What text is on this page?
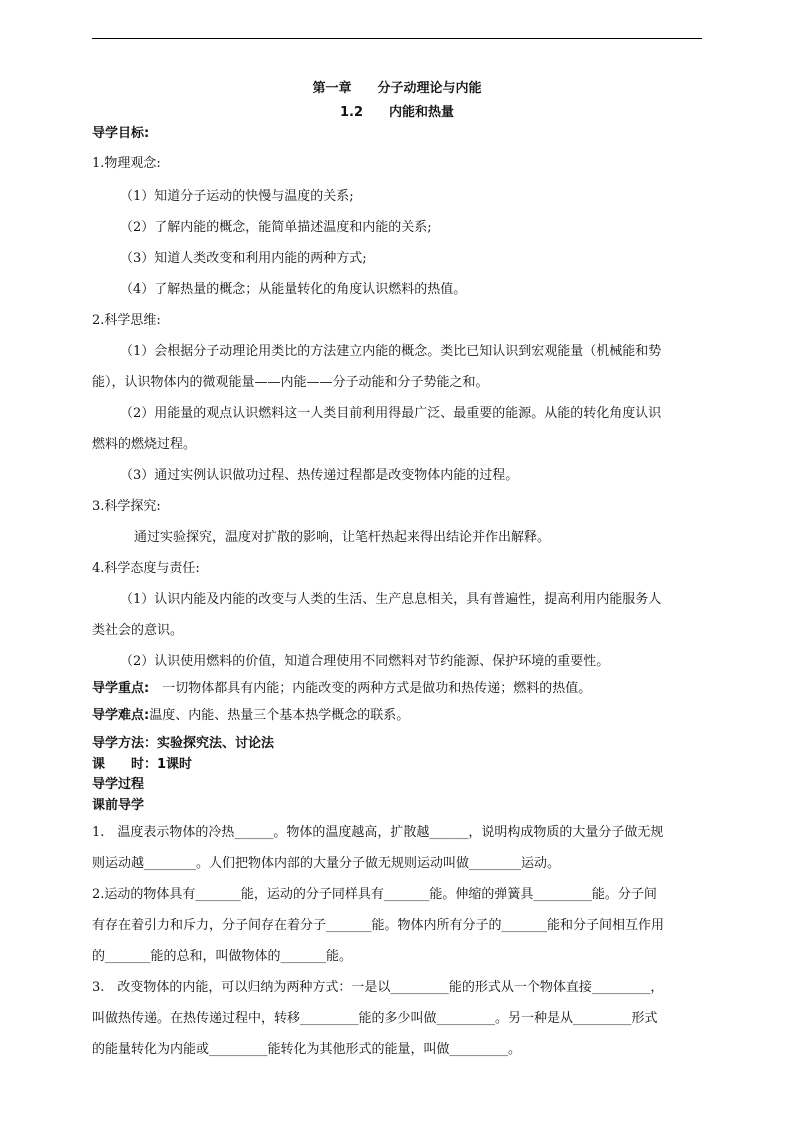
第一章　　分子动理论与内能
1.2　　内能和热量
导学目标:
1.物理观念:
（1）知道分子运动的快慢与温度的关系;
（2）了解内能的概念，能简单描述温度和内能的关系;
（3）知道人类改变和利用内能的两种方式;
（4）了解热量的概念；从能量转化的角度认识燃料的热值。
2.科学思维:
（1）会根据分子动理论用类比的方法建立内能的概念。类比已知认识到宏观能量（机械能和势
能），认识物体内的微观能量——内能——分子动能和分子势能之和。
（2）用能量的观点认识燃料这一人类目前利用得最广泛、最重要的能源。从能的转化角度认识
燃料的燃烧过程。
（3）通过实例认识做功过程、热传递过程都是改变物体内能的过程。
3.科学探究:
通过实验探究，温度对扩散的影响，让笔杆热起来得出结论并作出解释。
4.科学态度与责任:
（1）认识内能及内能的改变与人类的生活、生产息息相关，具有普遍性，提高利用内能服务人
类社会的意识。
（2）认识使用燃料的价值，知道合理使用不同燃料对节约能源、保护环境的重要性。
导学重点:　一切物体都具有内能；内能改变的两种方式是做功和热传递；燃料的热值。
导学难点:温度、内能、热量三个基本热学概念的联系。
导学方法：实验探究法、讨论法
课　　时：1课时
导学过程
课前导学
1.　温度表示物体的冷热______。物体的温度越高，扩散越______，说明构成物质的大量分子做无规
则运动越________。人们把物体内部的大量分子做无规则运动叫做________运动。
2.运动的物体具有_______能，运动的分子同样具有_______能。伸缩的弹簧具_________能。分子间
有存在着引力和斥力，分子间存在着分子_______能。物体内所有分子的_______能和分子间相互作用
的_______能的总和，叫做物体的_______能。
3.　改变物体的内能，可以归纳为两种方式：一是以_________能的形式从一个物体直接_________，
叫做热传递。在热传递过程中，转移_________能的多少叫做_________。另一种是从_________形式
的能量转化为内能或_________能转化为其他形式的能量，叫做_________。
